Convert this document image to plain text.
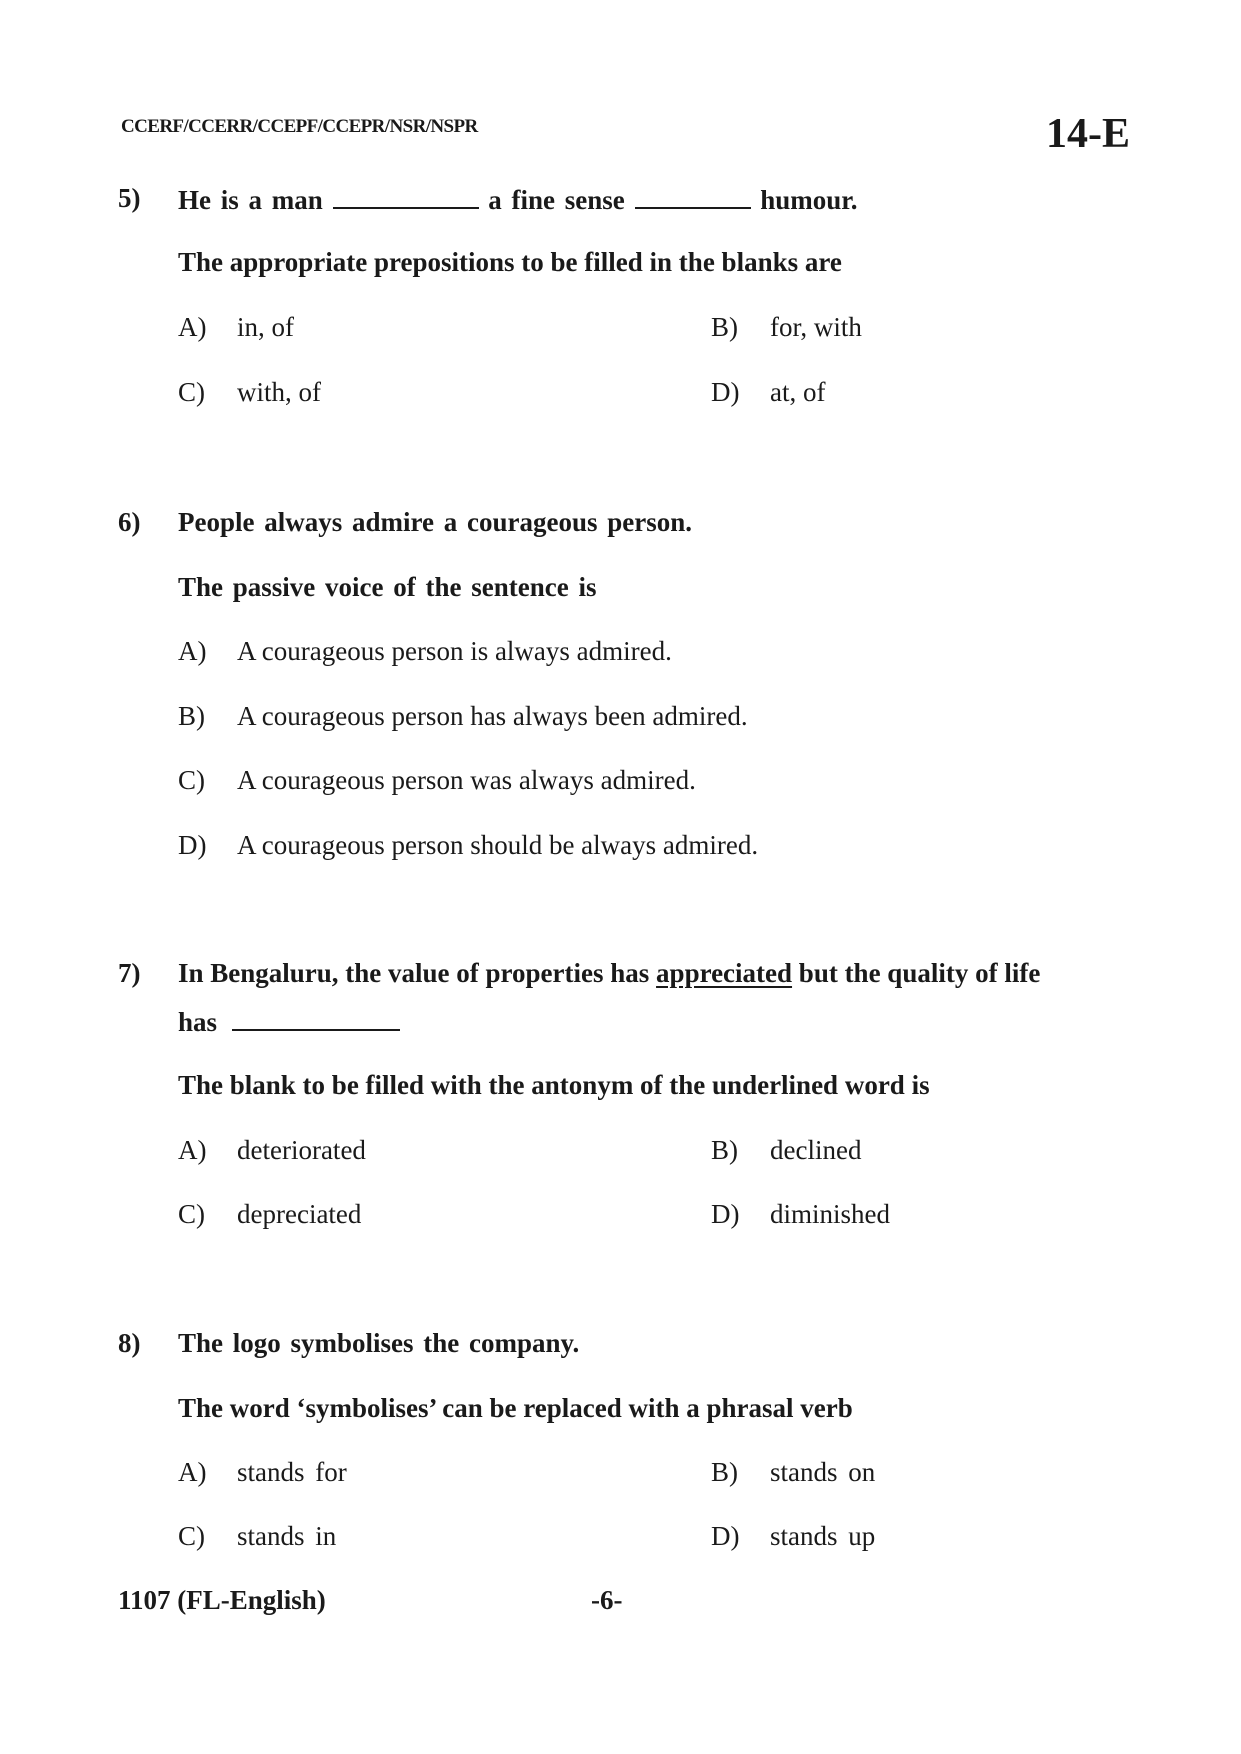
CCERF/CCERR/CCEPF/CCEPR/NSR/NSPR	14-E
5) He is a man	a fine sense	humour.
The appropriate prepositions to be filled in the blanks are
A) in, of	B) for, with
C) with, of	D) at, of
6) People always admire a courageous person.
The passive voice of the sentence is
A) A courageous person is always admired.
B) A courageous person has always been admired.
C) A courageous person was always admired.
D) A courageous person should be always admired.
7) In Bengaluru, the value of properties has appreciated but the quality of life
has
The blank to be filled with the antonym of the underlined word is
A) deteriorated	B) declined
C) depreciated	D) diminished
8) The logo symbolises the company.
The word ‘symbolises’ can be replaced with a phrasal verb
A) stands for	B) stands on
C) stands in	D) stands up
1107 (FL-English)	-6-
